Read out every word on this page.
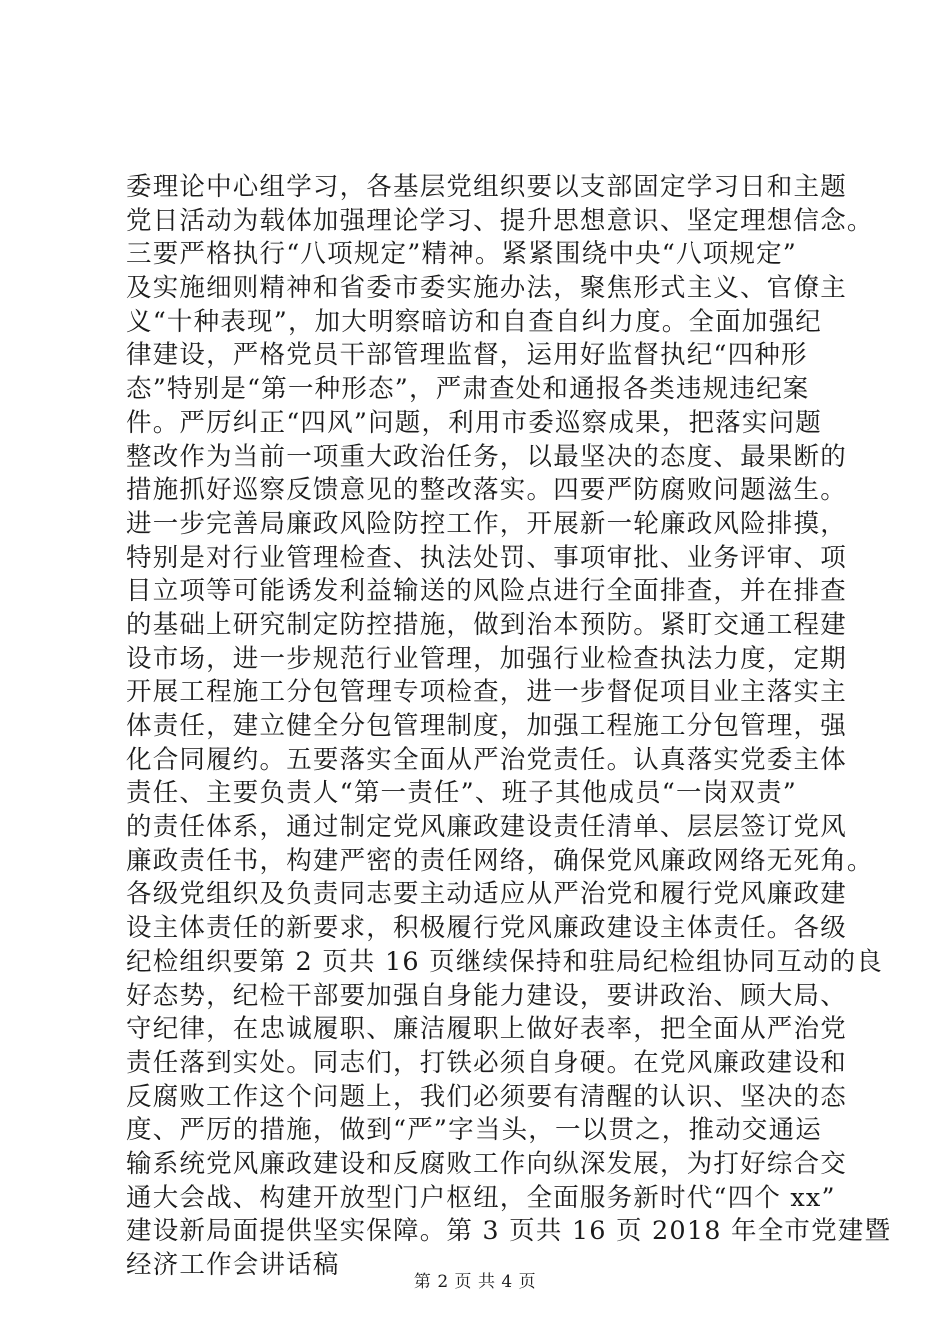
委理论中心组学习，各基层党组织要以支部固定学习日和主题
党日活动为载体加强理论学习、提升思想意识、坚定理想信念。
三要严格执行“八项规定”精神。紧紧围绕中央“八项规定”
及实施细则精神和省委市委实施办法，聚焦形式主义、官僚主
义“十种表现”，加大明察暗访和自查自纠力度。全面加强纪
律建设，严格党员干部管理监督，运用好监督执纪“四种形
态”特别是“第一种形态”，严肃查处和通报各类违规违纪案
件。严厉纠正“四风”问题，利用市委巡察成果，把落实问题
整改作为当前一项重大政治任务，以最坚决的态度、最果断的
措施抓好巡察反馈意见的整改落实。四要严防腐败问题滋生。
进一步完善局廉政风险防控工作，开展新一轮廉政风险排摸，
特别是对行业管理检查、执法处罚、事项审批、业务评审、项
目立项等可能诱发利益输送的风险点进行全面排查，并在排查
的基础上研究制定防控措施，做到治本预防。紧盯交通工程建
设市场，进一步规范行业管理，加强行业检查执法力度，定期
开展工程施工分包管理专项检查，进一步督促项目业主落实主
体责任，建立健全分包管理制度，加强工程施工分包管理，强
化合同履约。五要落实全面从严治党责任。认真落实党委主体
责任、主要负责人“第一责任”、班子其他成员“一岗双责”
的责任体系，通过制定党风廉政建设责任清单、层层签订党风
廉政责任书，构建严密的责任网络，确保党风廉政网络无死角。
各级党组织及负责同志要主动适应从严治党和履行党风廉政建
设主体责任的新要求，积极履行党风廉政建设主体责任。各级
纪检组织要第 2 页共 16 页继续保持和驻局纪检组协同互动的良
好态势，纪检干部要加强自身能力建设，要讲政治、顾大局、
守纪律，在忠诚履职、廉洁履职上做好表率，把全面从严治党
责任落到实处。同志们，打铁必须自身硬。在党风廉政建设和
反腐败工作这个问题上，我们必须要有清醒的认识、坚决的态
度、严厉的措施，做到“严”字当头，一以贯之，推动交通运
输系统党风廉政建设和反腐败工作向纵深发展，为打好综合交
通大会战、构建开放型门户枢纽，全面服务新时代“四个 xx”
建设新局面提供坚实保障。第 3 页共 16 页 2018 年全市党建暨
经济工作会讲话稿
第 2 页 共 4 页
